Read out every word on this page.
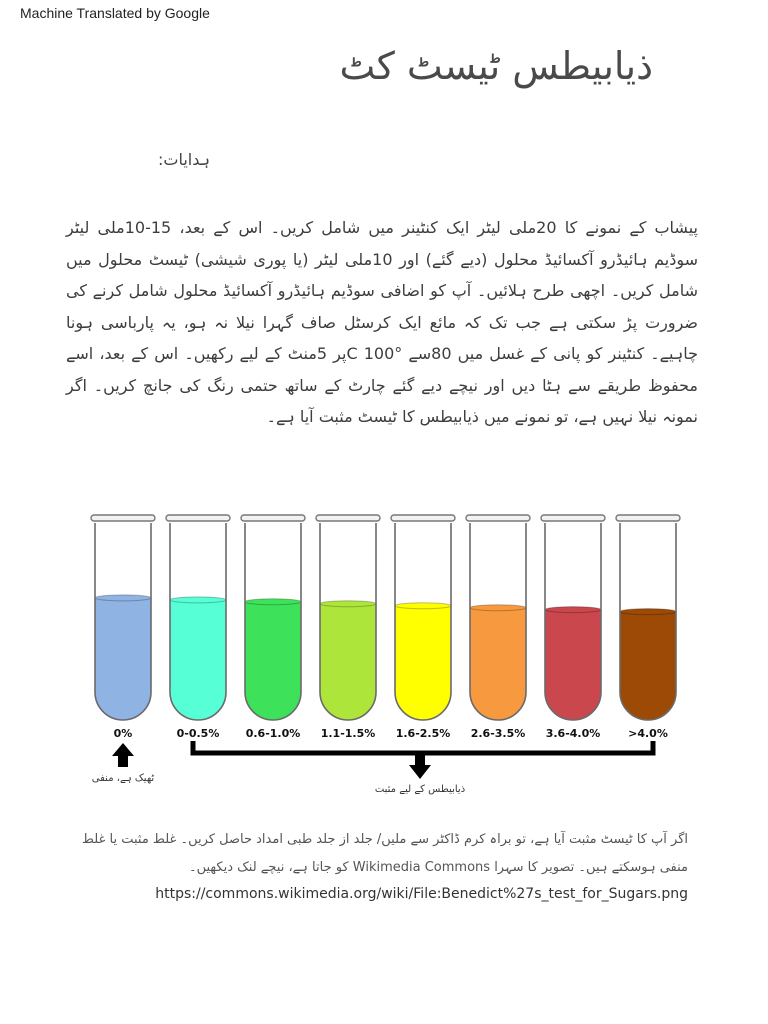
Machine Translated by Google
ذیابیطس ٹیسٹ کٹ
ہدایات:

پیشاب کے نمونے کا 20ملی لیٹر ایک کنٹینر میں شامل کریں۔ اس کے بعد، 15-10ملی لیٹر سوڈیم ہائیڈرو آکسائیڈ محلول (دیے گئے) اور 10ملی لیٹر (یا پوری شیشی) ٹیسٹ محلول میں شامل کریں۔ اچھی طرح ہلائیں۔ آپ کو اضافی سوڈیم ہائیڈرو آکسائیڈ محلول شامل کرنے کی ضرورت پڑ سکتی ہے جب تک کہ مائع ایک کرسٹل صاف گہرا نیلا نہ ہو، یہ پارباسی ہونا چاہیے۔ کنٹینر کو پانی کے غسل میں 80سے °C 100پر 5منٹ کے لیے رکھیں۔ اس کے بعد، اسے محفوظ طریقے سے ہٹا دیں اور نیچے دیے گئے چارٹ کے ساتھ حتمی رنگ کی جانچ کریں۔ اگر نمونہ نیلا نہیں ہے، تو نمونے میں ذیابیطس کا ٹیسٹ مثبت آیا ہے۔

0%	0-0.5% 0.6-1.0% 1.1-1.5% 1.6-2.5% 2.6-3.5% 3.6-4.0%	>4.0%
ٹھیک ہے، منفی
ذیابیطس کے لیے مثبت

اگر آپ کا ٹیسٹ مثبت آیا ہے، تو براہ کرم ڈاکٹر سے ملیں/ جلد از جلد طبی امداد حاصل کریں۔ غلط مثبت یا غلط منفی ہوسکتے ہیں۔ تصویر کا سہرا Wikimedia Commons کو جاتا ہے، نیچے لنک دیکھیں۔

https://commons.wikimedia.org/wiki/File:Benedict%27s_test_for_Sugars.png
